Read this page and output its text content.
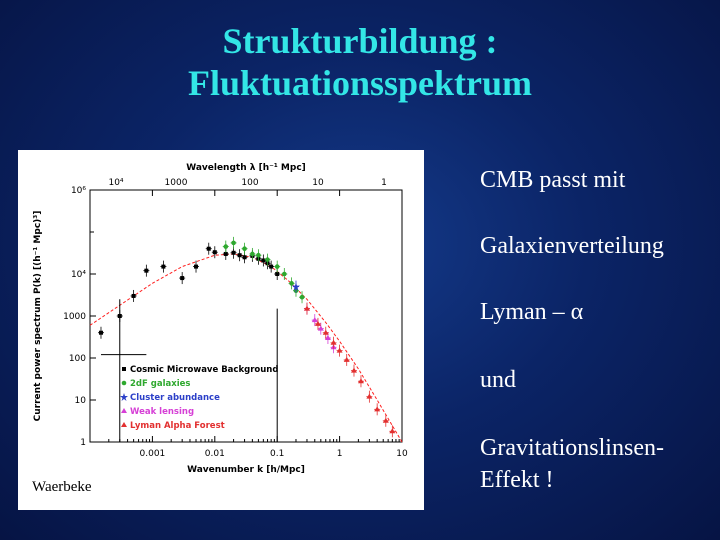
Strukturbildung :
Fluktuationsspektrum
0.001	0.01	0.1	1	10
1
10
100
1000
10⁴
10⁶
10⁴	1000	100	10	1
Wavelength λ [h⁻¹ Mpc]
Wavenumber k [h/Mpc]
Current power spectrum P(k) [(h⁻¹ Mpc)³]	Cosmic Microwave Background
2dF galaxies
Cluster abundance
Weak lensing
Lyman Alpha Forest
Waerbeke
CMB passt mit
Galaxienverteilung
Lyman – α
und
Gravitationslinsen-
Effekt !
